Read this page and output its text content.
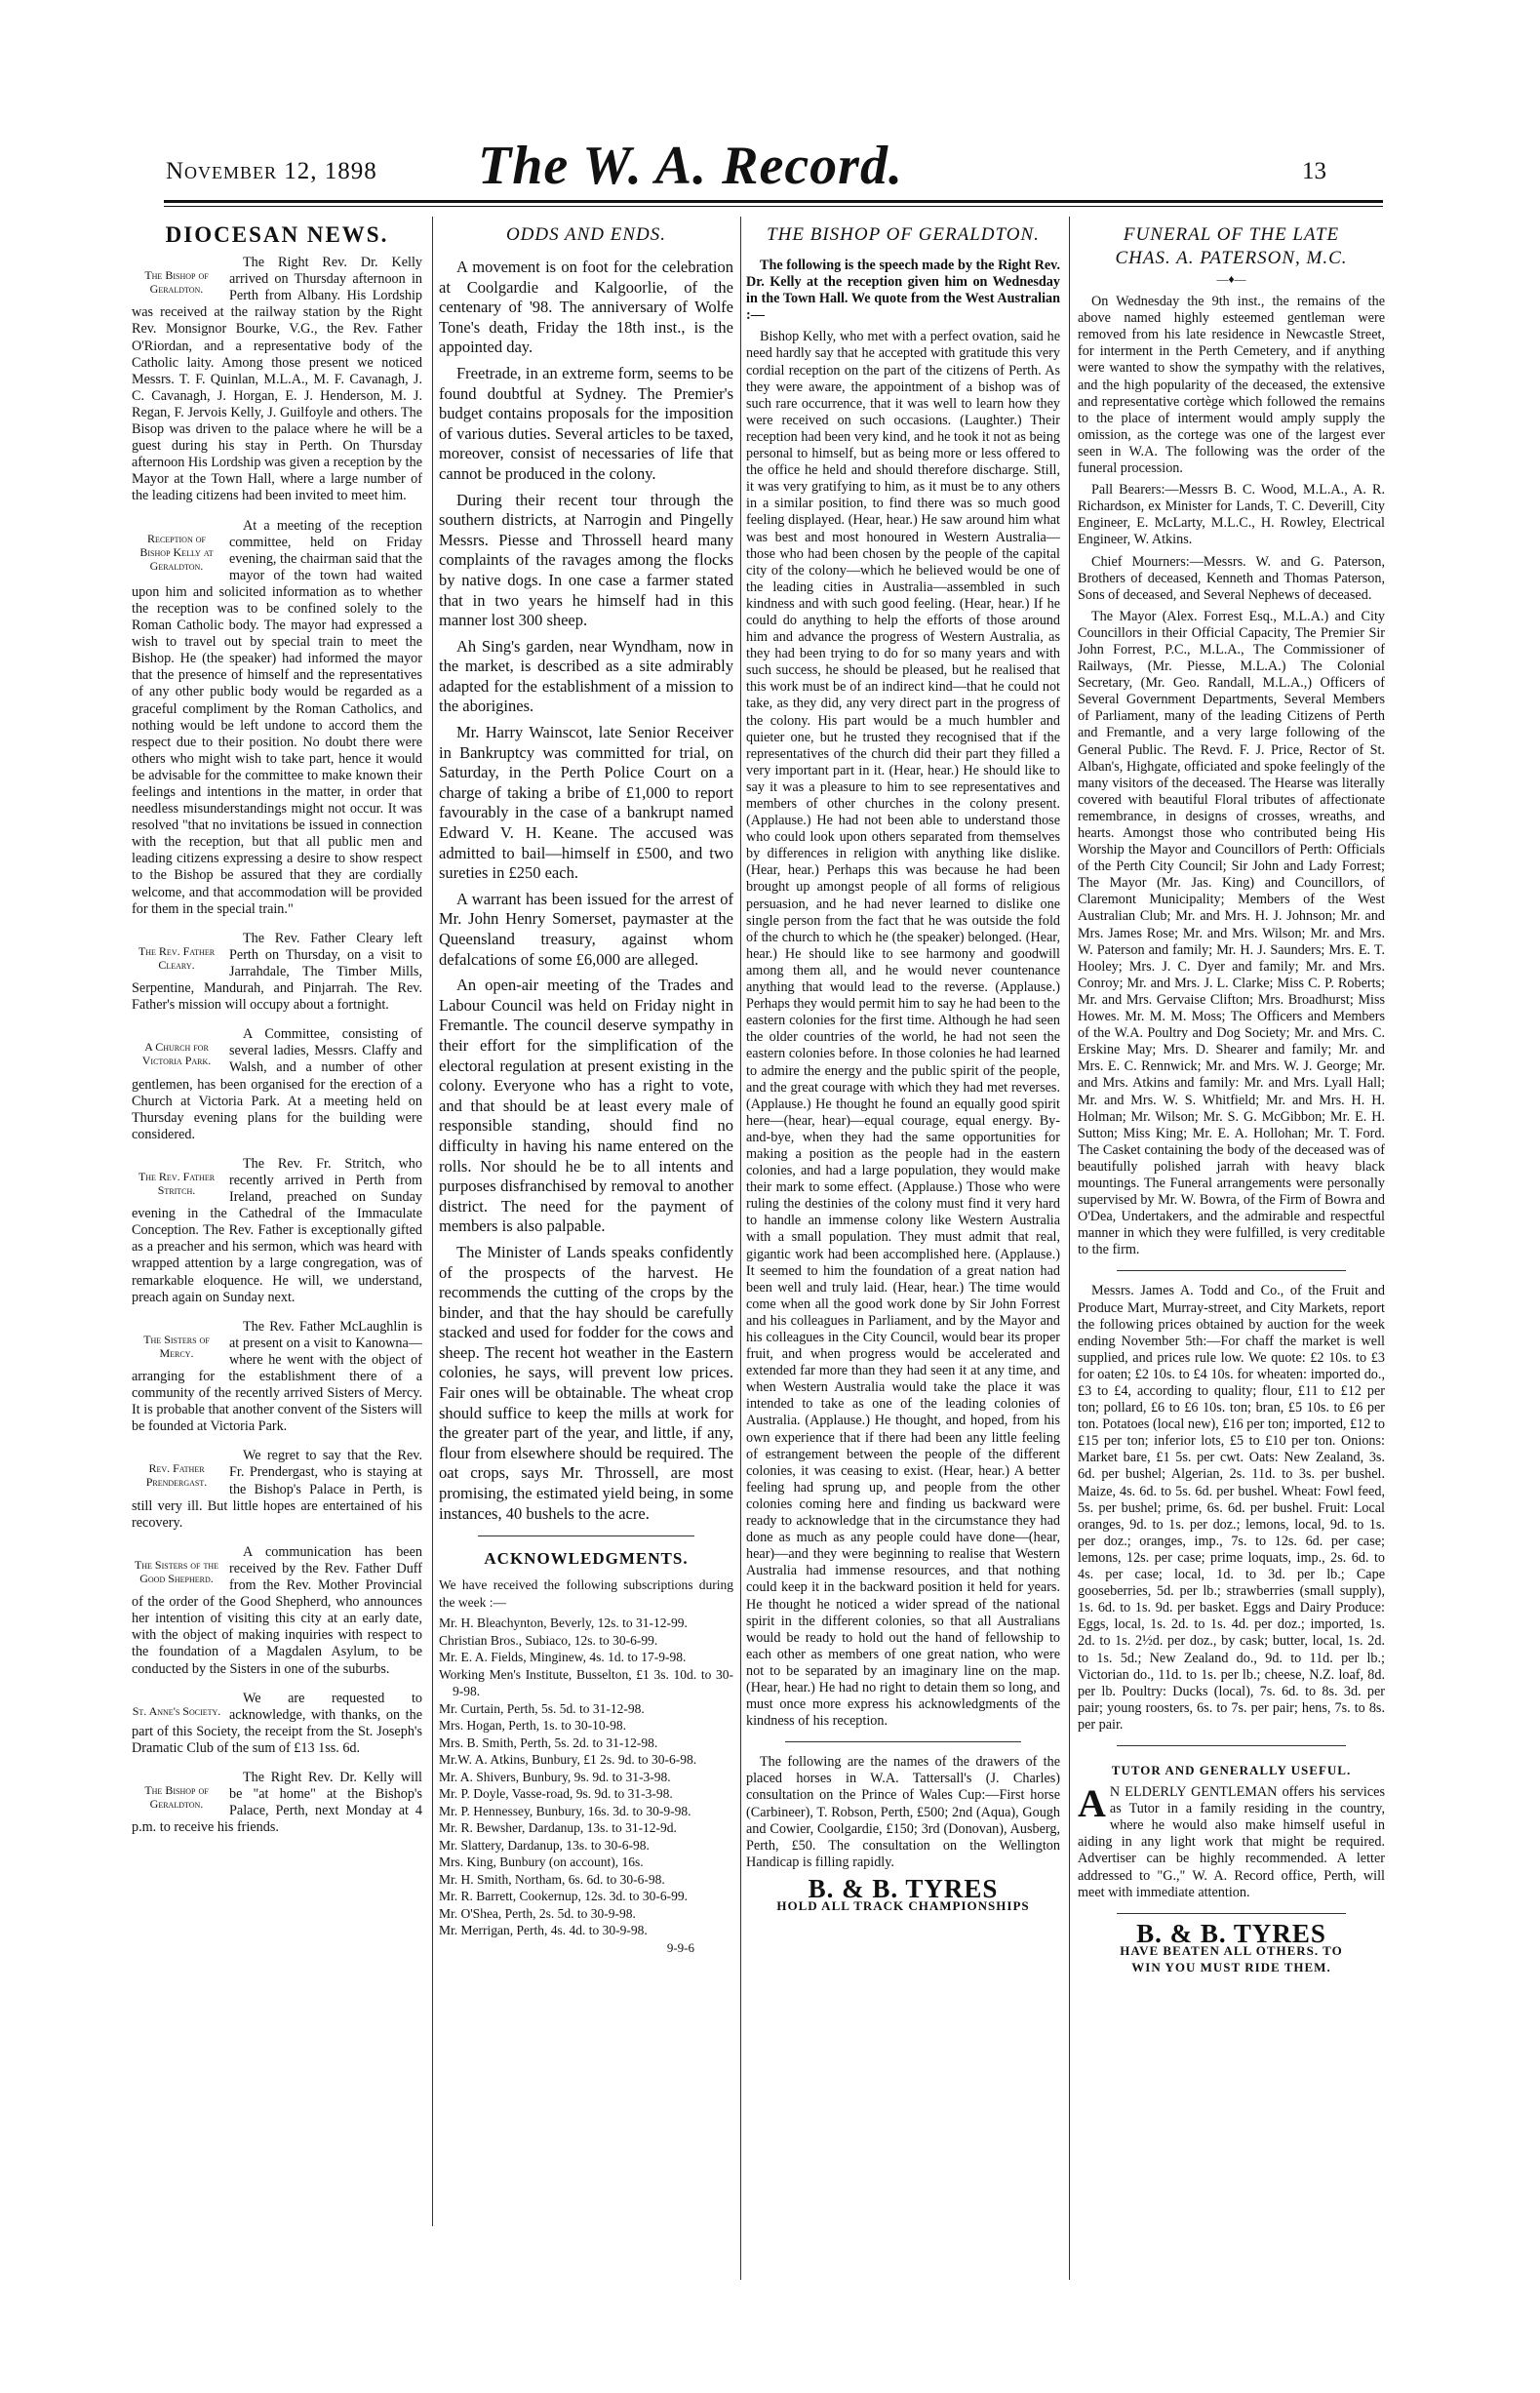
November 12, 1898 The W. A. Record.	13
DIOCESAN NEWS.
The Bishop of Geraldton.

The Right Rev. Dr. Kelly arrived on Thursday afternoon in Perth from Albany. His Lordship was received at the railway station by the Right Rev. Monsignor Bourke, V.G., the Rev. Father O'Riordan, and a representative body of the Catholic laity. Among those present we noticed Messrs. T. F. Quinlan, M.L.A., M. F. Cavanagh, J. C. Cavanagh, J. Horgan, E. J. Henderson, M. J. Regan, F. Jervois Kelly, J. Guilfoyle and others. The Bisop was driven to the palace where he will be a guest during his stay in Perth. On Thursday afternoon His Lordship was given a reception by the Mayor at the Town Hall, where a large number of the leading citizens had been invited to meet him.

Reception of Bishop Kelly at Geraldton.

At a meeting of the reception committee, held on Friday evening, the chairman said that the mayor of the town had waited upon him and solicited information as to whether the reception was to be confined solely to the Roman Catholic body. The mayor had expressed a wish to travel out by special train to meet the Bishop. He (the speaker) had informed the mayor that the presence of himself and the representatives of any other public body would be regarded as a graceful compliment by the Roman Catholics, and nothing would be left undone to accord them the respect due to their position. No doubt there were others who might wish to take part, hence it would be advisable for the committee to make known their feelings and intentions in the matter, in order that needless misunderstandings might not occur. It was resolved "that no invitations be issued in connection with the reception, but that all public men and leading citizens expressing a desire to show respect to the Bishop be assured that they are cordially welcome, and that accommodation will be provided for them in the special train."

The Rev. Father Cleary.

The Rev. Father Cleary left Perth on Thursday, on a visit to Jarrahdale, The Timber Mills, Serpentine, Mandurah, and Pinjarrah. The Rev. Father's mission will occupy about a fortnight.

A Church for Victoria Park.

A Committee, consisting of several ladies, Messrs. Claffy and Walsh, and a number of other gentlemen, has been organised for the erection of a Church at Victoria Park. At a meeting held on Thursday evening plans for the building were considered.

The Rev. Father Stritch.

The Rev. Fr. Stritch, who recently arrived in Perth from Ireland, preached on Sunday evening in the Cathedral of the Immaculate Conception. The Rev. Father is exceptionally gifted as a preacher and his sermon, which was heard with wrapped attention by a large congregation, was of remarkable eloquence. He will, we understand, preach again on Sunday next.

The Sisters of Mercy.

The Rev. Father McLaughlin is at present on a visit to Kanowna—where he went with the object of arranging for the establishment there of a community of the recently arrived Sisters of Mercy. It is probable that another convent of the Sisters will be founded at Victoria Park.

Rev. Father Prendergast.

We regret to say that the Rev. Fr. Prendergast, who is staying at the Bishop's Palace in Perth, is still very ill. But little hopes are entertained of his recovery.

The Sisters of the Good Shepherd.

A communication has been received by the Rev. Father Duff from the Rev. Mother Provincial of the order of the Good Shepherd, who announces her intention of visiting this city at an early date, with the object of making inquiries with respect to the foundation of a Magdalen Asylum, to be conducted by the Sisters in one of the suburbs.

St. Anne's Society.

We are requested to acknowledge, with thanks, on the part of this Society, the receipt from the St. Joseph's Dramatic Club of the sum of £13 1ss. 6d.

The Bishop of Geraldton.

The Right Rev. Dr. Kelly will be "at home" at the Bishop's Palace, Perth, next Monday at 4 p.m. to receive his friends.

ODDS AND ENDS.

A movement is on foot for the celebration at Coolgardie and Kalgoorlie, of the centenary of '98. The anniversary of Wolfe Tone's death, Friday the 18th inst., is the appointed day.

Freetrade, in an extreme form, seems to be found doubtful at Sydney. The Premier's budget contains proposals for the imposition of various duties. Several articles to be taxed, moreover, consist of necessaries of life that cannot be produced in the colony.

During their recent tour through the southern districts, at Narrogin and Pingelly Messrs. Piesse and Throssell heard many complaints of the ravages among the flocks by native dogs. In one case a farmer stated that in two years he himself had in this manner lost 300 sheep.

Ah Sing's garden, near Wyndham, now in the market, is described as a site admirably adapted for the establishment of a mission to the aborigines.

Mr. Harry Wainscot, late Senior Receiver in Bankruptcy was committed for trial, on Saturday, in the Perth Police Court on a charge of taking a bribe of £1,000 to report favourably in the case of a bankrupt named Edward V. H. Keane. The accused was admitted to bail—himself in £500, and two sureties in £250 each.

A warrant has been issued for the arrest of Mr. John Henry Somerset, paymaster at the Queensland treasury, against whom defalcations of some £6,000 are alleged.

An open-air meeting of the Trades and Labour Council was held on Friday night in Fremantle. The council deserve sympathy in their effort for the simplification of the electoral regulation at present existing in the colony. Everyone who has a right to vote, and that should be at least every male of responsible standing, should find no difficulty in having his name entered on the rolls. Nor should he be to all intents and purposes disfranchised by removal to another district. The need for the payment of members is also palpable.

The Minister of Lands speaks confidently of the prospects of the harvest. He recommends the cutting of the crops by the binder, and that the hay should be carefully stacked and used for fodder for the cows and sheep. The recent hot weather in the Eastern colonies, he says, will prevent low prices. Fair ones will be obtainable. The wheat crop should suffice to keep the mills at work for the greater part of the year, and little, if any, flour from elsewhere should be required. The oat crops, says Mr. Throssell, are most promising, the estimated yield being, in some instances, 40 bushels to the acre.

ACKNOWLEDGMENTS.

We have received the following subscriptions during the week :—

Mr. H. Bleachynton, Beverly, 12s. to 31-12-99.

Christian Bros., Subiaco, 12s. to 30-6-99.

Mr. E. A. Fields, Minginew, 4s. 1d. to 17-9-98.

Working Men's Institute, Busselton, £1 3s. 10d. to 30-9-98.

Mr. Curtain, Perth, 5s. 5d. to 31-12-98.

Mrs. Hogan, Perth, 1s. to 30-10-98.

Mrs. B. Smith, Perth, 5s. 2d. to 31-12-98.

Mr.W. A. Atkins, Bunbury, £1 2s. 9d. to 30-6-98.

Mr. A. Shivers, Bunbury, 9s. 9d. to 31-3-98.

Mr. P. Doyle, Vasse-road, 9s. 9d. to 31-3-98.

Mr. P. Hennessey, Bunbury, 16s. 3d. to 30-9-98.

Mr. R. Bewsher, Dardanup, 13s. to 31-12-9d.

Mr. Slattery, Dardanup, 13s. to 30-6-98.

Mrs. King, Bunbury (on account), 16s.

Mr. H. Smith, Northam, 6s. 6d. to 30-6-98.

Mr. R. Barrett, Cookernup, 12s. 3d. to 30-6-99.

Mr. O'Shea, Perth, 2s. 5d. to 30-9-98.

Mr. Merrigan, Perth, 4s. 4d. to 30-9-98.

9-9-6
THE BISHOP OF GERALDTON.

The following is the speech made by the Right Rev. Dr. Kelly at the reception given him on Wednesday in the Town Hall. We quote from the West Australian :—

Bishop Kelly, who met with a perfect ovation, said he need hardly say that he accepted with gratitude this very cordial reception on the part of the citizens of Perth. As they were aware, the appointment of a bishop was of such rare occurrence, that it was well to learn how they were received on such occasions. (Laughter.) Their reception had been very kind, and he took it not as being personal to himself, but as being more or less offered to the office he held and should therefore discharge. Still, it was very gratifying to him, as it must be to any others in a similar position, to find there was so much good feeling displayed. (Hear, hear.) He saw around him what was best and most honoured in Western Australia—those who had been chosen by the people of the capital city of the colony—which he believed would be one of the leading cities in Australia—assembled in such kindness and with such good feeling. (Hear, hear.) If he could do anything to help the efforts of those around him and advance the progress of Western Australia, as they had been trying to do for so many years and with such success, he should be pleased, but he realised that this work must be of an indirect kind—that he could not take, as they did, any very direct part in the progress of the colony. His part would be a much humbler and quieter one, but he trusted they recognised that if the representatives of the church did their part they filled a very important part in it. (Hear, hear.) He should like to say it was a pleasure to him to see representatives and members of other churches in the colony present. (Applause.) He had not been able to understand those who could look upon others separated from themselves by differences in religion with anything like dislike. (Hear, hear.) Perhaps this was because he had been brought up amongst people of all forms of religious persuasion, and he had never learned to dislike one single person from the fact that he was outside the fold of the church to which he (the speaker) belonged. (Hear, hear.) He should like to see harmony and goodwill among them all, and he would never countenance anything that would lead to the reverse. (Applause.) Perhaps they would permit him to say he had been to the eastern colonies for the first time. Although he had seen the older countries of the world, he had not seen the eastern colonies before. In those colonies he had learned to admire the energy and the public spirit of the people, and the great courage with which they had met reverses. (Applause.) He thought he found an equally good spirit here—(hear, hear)—equal courage, equal energy. By-and-bye, when they had the same opportunities for making a position as the people had in the eastern colonies, and had a large population, they would make their mark to some effect. (Applause.) Those who were ruling the destinies of the colony must find it very hard to handle an immense colony like Western Australia with a small population. They must admit that real, gigantic work had been accomplished here. (Applause.) It seemed to him the foundation of a great nation had been well and truly laid. (Hear, hear.) The time would come when all the good work done by Sir John Forrest and his colleagues in Parliament, and by the Mayor and his colleagues in the City Council, would bear its proper fruit, and when progress would be accelerated and extended far more than they had seen it at any time, and when Western Australia would take the place it was intended to take as one of the leading colonies of Australia. (Applause.) He thought, and hoped, from his own experience that if there had been any little feeling of estrangement between the people of the different colonies, it was ceasing to exist. (Hear, hear.) A better feeling had sprung up, and people from the other colonies coming here and finding us backward were ready to acknowledge that in the circumstance they had done as much as any people could have done—(hear, hear)—and they were beginning to realise that Western Australia had immense resources, and that nothing could keep it in the backward position it held for years. He thought he noticed a wider spread of the national spirit in the different colonies, so that all Australians would be ready to hold out the hand of fellowship to each other as members of one great nation, who were not to be separated by an imaginary line on the map. (Hear, hear.) He had no right to detain them so long, and must once more express his acknowledgments of the kindness of his reception.

The following are the names of the drawers of the placed horses in W.A. Tattersall's (J. Charles) consultation on the Prince of Wales Cup:—First horse (Carbineer), T. Robson, Perth, £500; 2nd (Aqua), Gough and Cowier, Coolgardie, £150; 3rd (Donovan), Ausberg, Perth, £50. The consultation on the Wellington Handicap is filling rapidly.

B. & B. TYRES
HOLD ALL TRACK CHAMPIONSHIPS
FUNERAL OF THE LATE
CHAS. A. PATERSON, M.C.
—♦—

On Wednesday the 9th inst., the remains of the above named highly esteemed gentleman were removed from his late residence in Newcastle Street, for interment in the Perth Cemetery, and if anything were wanted to show the sympathy with the relatives, and the high popularity of the deceased, the extensive and representative cortège which followed the remains to the place of interment would amply supply the omission, as the cortege was one of the largest ever seen in W.A. The following was the order of the funeral procession.

Pall Bearers:—Messrs B. C. Wood, M.L.A., A. R. Richardson, ex Minister for Lands, T. C. Deverill, City Engineer, E. McLarty, M.L.C., H. Rowley, Electrical Engineer, W. Atkins.

Chief Mourners:—Messrs. W. and G. Paterson, Brothers of deceased, Kenneth and Thomas Paterson, Sons of deceased, and Several Nephews of deceased.

The Mayor (Alex. Forrest Esq., M.L.A.) and City Councillors in their Official Capacity, The Premier Sir John Forrest, P.C., M.L.A., The Commissioner of Railways, (Mr. Piesse, M.L.A.) The Colonial Secretary, (Mr. Geo. Randall, M.L.A.,) Officers of Several Government Departments, Several Members of Parliament, many of the leading Citizens of Perth and Fremantle, and a very large following of the General Public. The Revd. F. J. Price, Rector of St. Alban's, Highgate, officiated and spoke feelingly of the many visitors of the deceased. The Hearse was literally covered with beautiful Floral tributes of affectionate remembrance, in designs of crosses, wreaths, and hearts. Amongst those who contributed being His Worship the Mayor and Councillors of Perth: Officials of the Perth City Council; Sir John and Lady Forrest; The Mayor (Mr. Jas. King) and Councillors, of Claremont Municipality; Members of the West Australian Club; Mr. and Mrs. H. J. Johnson; Mr. and Mrs. James Rose; Mr. and Mrs. Wilson; Mr. and Mrs. W. Paterson and family; Mr. H. J. Saunders; Mrs. E. T. Hooley; Mrs. J. C. Dyer and family; Mr. and Mrs. Conroy; Mr. and Mrs. J. L. Clarke; Miss C. P. Roberts; Mr. and Mrs. Gervaise Clifton; Mrs. Broadhurst; Miss Howes. Mr. M. M. Moss; The Officers and Members of the W.A. Poultry and Dog Society; Mr. and Mrs. C. Erskine May; Mrs. D. Shearer and family; Mr. and Mrs. E. C. Rennwick; Mr. and Mrs. W. J. George; Mr. and Mrs. Atkins and family: Mr. and Mrs. Lyall Hall; Mr. and Mrs. W. S. Whitfield; Mr. and Mrs. H. H. Holman; Mr. Wilson; Mr. S. G. McGibbon; Mr. E. H. Sutton; Miss King; Mr. E. A. Hollohan; Mr. T. Ford. The Casket containing the body of the deceased was of beautifully polished jarrah with heavy black mountings. The Funeral arrangements were personally supervised by Mr. W. Bowra, of the Firm of Bowra and O'Dea, Undertakers, and the admirable and respectful manner in which they were fulfilled, is very creditable to the firm.

Messrs. James A. Todd and Co., of the Fruit and Produce Mart, Murray-street, and City Markets, report the following prices obtained by auction for the week ending November 5th:—For chaff the market is well supplied, and prices rule low. We quote: £2 10s. to £3 for oaten; £2 10s. to £4 10s. for wheaten: imported do., £3 to £4, according to quality; flour, £11 to £12 per ton; pollard, £6 to £6 10s. ton; bran, £5 10s. to £6 per ton. Potatoes (local new), £16 per ton; imported, £12 to £15 per ton; inferior lots, £5 to £10 per ton. Onions: Market bare, £1 5s. per cwt. Oats: New Zealand, 3s. 6d. per bushel; Algerian, 2s. 11d. to 3s. per bushel. Maize, 4s. 6d. to 5s. 6d. per bushel. Wheat: Fowl feed, 5s. per bushel; prime, 6s. 6d. per bushel. Fruit: Local oranges, 9d. to 1s. per doz.; lemons, local, 9d. to 1s. per doz.; oranges, imp., 7s. to 12s. 6d. per case; lemons, 12s. per case; prime loquats, imp., 2s. 6d. to 4s. per case; local, 1d. to 3d. per lb.; Cape gooseberries, 5d. per lb.; strawberries (small supply), 1s. 6d. to 1s. 9d. per basket. Eggs and Dairy Produce: Eggs, local, 1s. 2d. to 1s. 4d. per doz.; imported, 1s. 2d. to 1s. 2½d. per doz., by cask; butter, local, 1s. 2d. to 1s. 5d.; New Zealand do., 9d. to 11d. per lb.; Victorian do., 11d. to 1s. per lb.; cheese, N.Z. loaf, 8d. per lb. Poultry: Ducks (local), 7s. 6d. to 8s. 3d. per pair; young roosters, 6s. to 7s. per pair; hens, 7s. to 8s. per pair.

TUTOR AND GENERALLY USEFUL.

A N ELDERLY GENTLEMAN offers his services as Tutor in a family residing in the country, where he would also make himself useful in aiding in any light work that might be required. Advertiser can be highly recommended. A letter addressed to "G.," W. A. Record office, Perth, will meet with immediate attention.

B. & B. TYRES
HAVE BEATEN ALL OTHERS. TO
WIN YOU MUST RIDE THEM.
